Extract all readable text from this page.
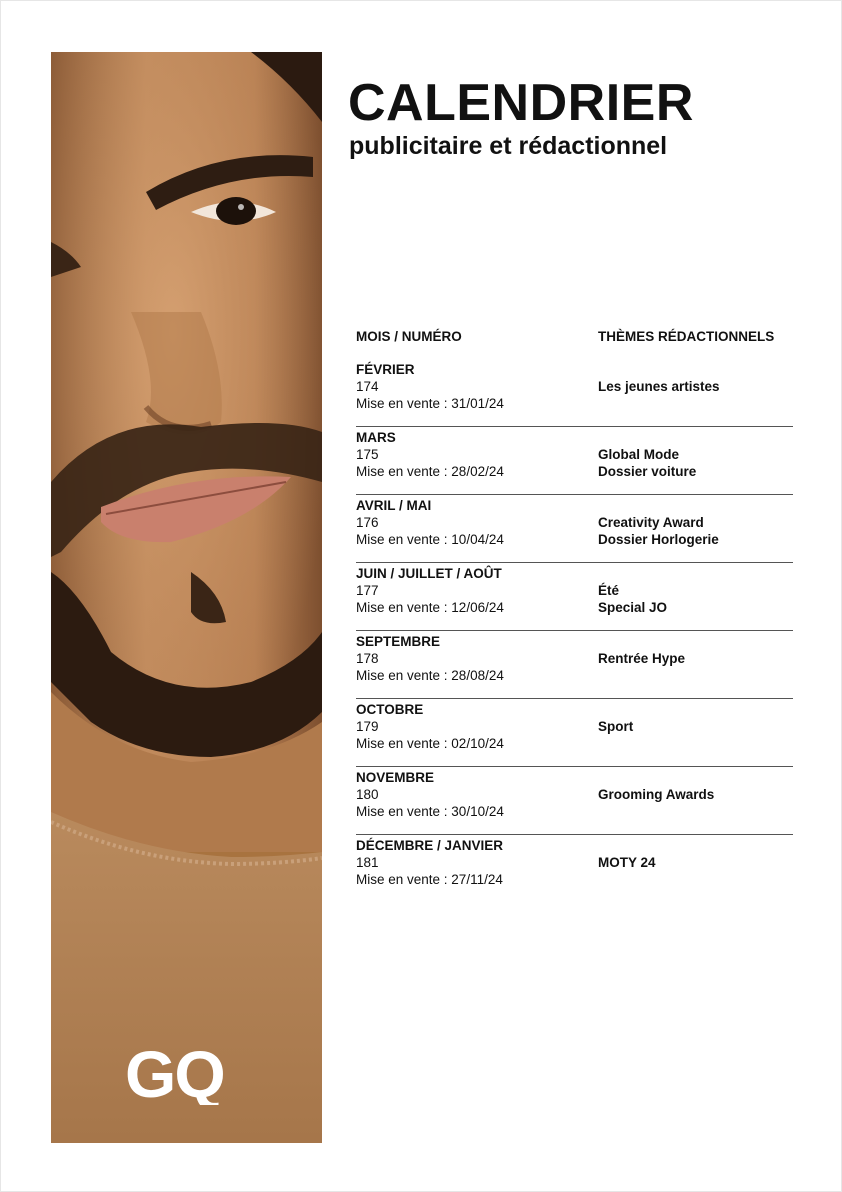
GQ
CALENDRIER
publicitaire et rédactionnel
MOIS / NUMÉRO	THÈMES RÉDACTIONNELS
FÉVRIER
174
Mise en vente : 31/01/24
Les jeunes artistes
MARS
175
Mise en vente : 28/02/24
Global Mode
Dossier voiture
AVRIL / MAI
176
Mise en vente : 10/04/24
Creativity Award
Dossier Horlogerie
JUIN / JUILLET / AOÛT
177
Mise en vente : 12/06/24
Été
Special JO
SEPTEMBRE
178
Mise en vente : 28/08/24
Rentrée Hype
OCTOBRE
179
Mise en vente : 02/10/24
Sport
NOVEMBRE
180
Mise en vente : 30/10/24
Grooming Awards
DÉCEMBRE / JANVIER
181
Mise en vente : 27/11/24
MOTY 24
